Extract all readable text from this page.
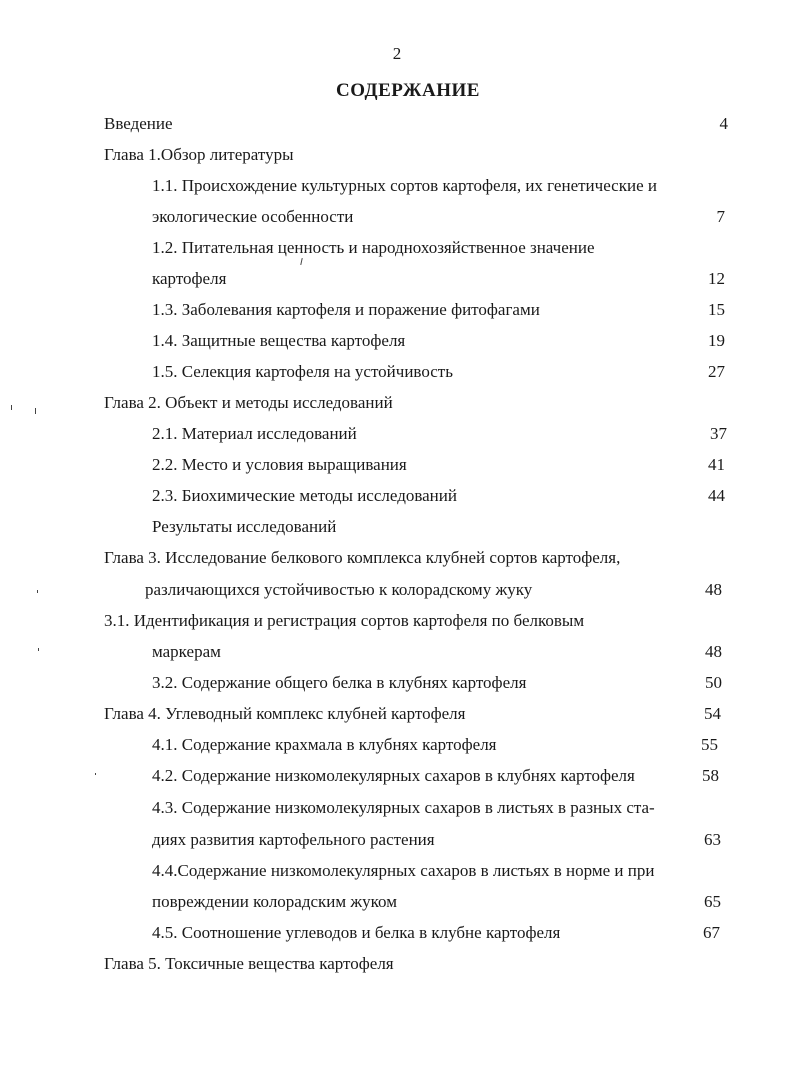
2
СОДЕРЖАНИЕ
Введение	4
Глава 1.Обзор литературы
1.1. Происхождение культурных сортов картофеля, их генетические и
экологические особенности	7
1.2. Питательная ценность и народнохозяйственное значение
картофеля	12
1.3. Заболевания картофеля и поражение фитофагами	15
1.4. Защитные вещества картофеля	19
1.5. Селекция картофеля на устойчивость	27
Глава 2. Объект и методы исследований
2.1. Материал исследований	37
2.2. Место и условия выращивания	41
2.3. Биохимические методы исследований	44
Результаты исследований
Глава 3. Исследование белкового комплекса клубней сортов картофеля,
различающихся устойчивостью к колорадскому жуку	48
3.1. Идентификация и регистрация сортов картофеля по белковым
маркерам	48
3.2. Содержание общего белка в клубнях картофеля	50
Глава 4. Углеводный комплекс клубней картофеля	54
4.1. Содержание крахмала в клубнях картофеля	55
4.2. Содержание низкомолекулярных сахаров в клубнях картофеля	58
4.3. Содержание низкомолекулярных сахаров в листьях в разных ста-
диях развития картофельного растения	63
4.4.Содержание низкомолекулярных сахаров в листьях в норме и при
повреждении колорадским жуком	65
4.5. Соотношение углеводов и белка в клубне картофеля	67
Глава 5. Токсичные вещества картофеля
